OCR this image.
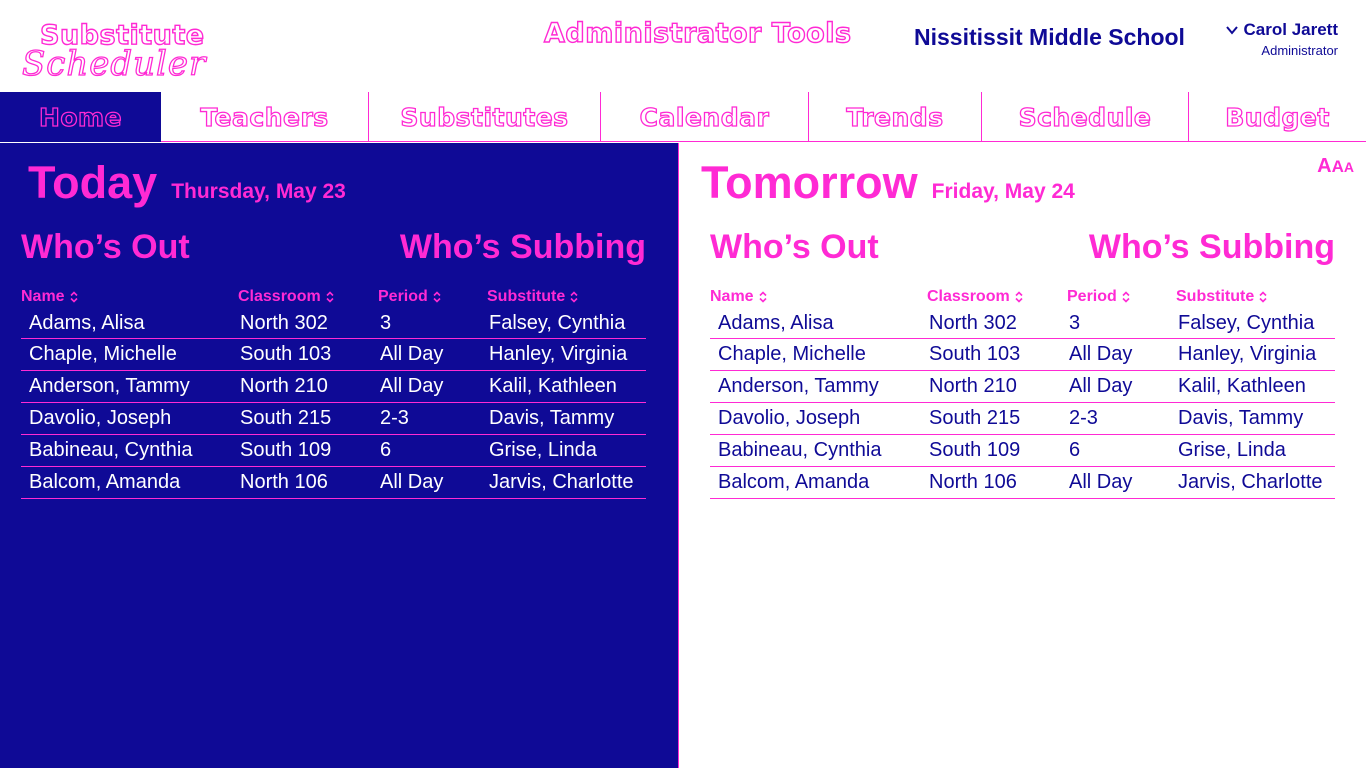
Substitute
Scheduler
Administrator Tools	Nissitissit Middle School	Carol Jarett
Administrator
Home	Teachers	Substitutes	Calendar	Trends	Schedule	Budget
Today Thursday, May 23
Who’s Out	Who’s Subbing
Name	Classroom	Period	Substitute
Adams, Alisa	North 302	3	Falsey, Cynthia
Chaple, Michelle	South 103	All Day	Hanley, Virginia
Anderson, Tammy	North 210	All Day	Kalil, Kathleen
Davolio, Joseph	South 215	2-3	Davis, Tammy
Babineau, Cynthia	South 109	6	Grise, Linda
Balcom, Amanda	North 106	All Day	Jarvis, Charlotte
A A A
Tomorrow Friday, May 24
Who’s Out	Who’s Subbing
Name	Classroom	Period	Substitute
Adams, Alisa	North 302	3	Falsey, Cynthia
Chaple, Michelle	South 103	All Day	Hanley, Virginia
Anderson, Tammy	North 210	All Day	Kalil, Kathleen
Davolio, Joseph	South 215	2-3	Davis, Tammy
Babineau, Cynthia	South 109	6	Grise, Linda
Balcom, Amanda	North 106	All Day	Jarvis, Charlotte
